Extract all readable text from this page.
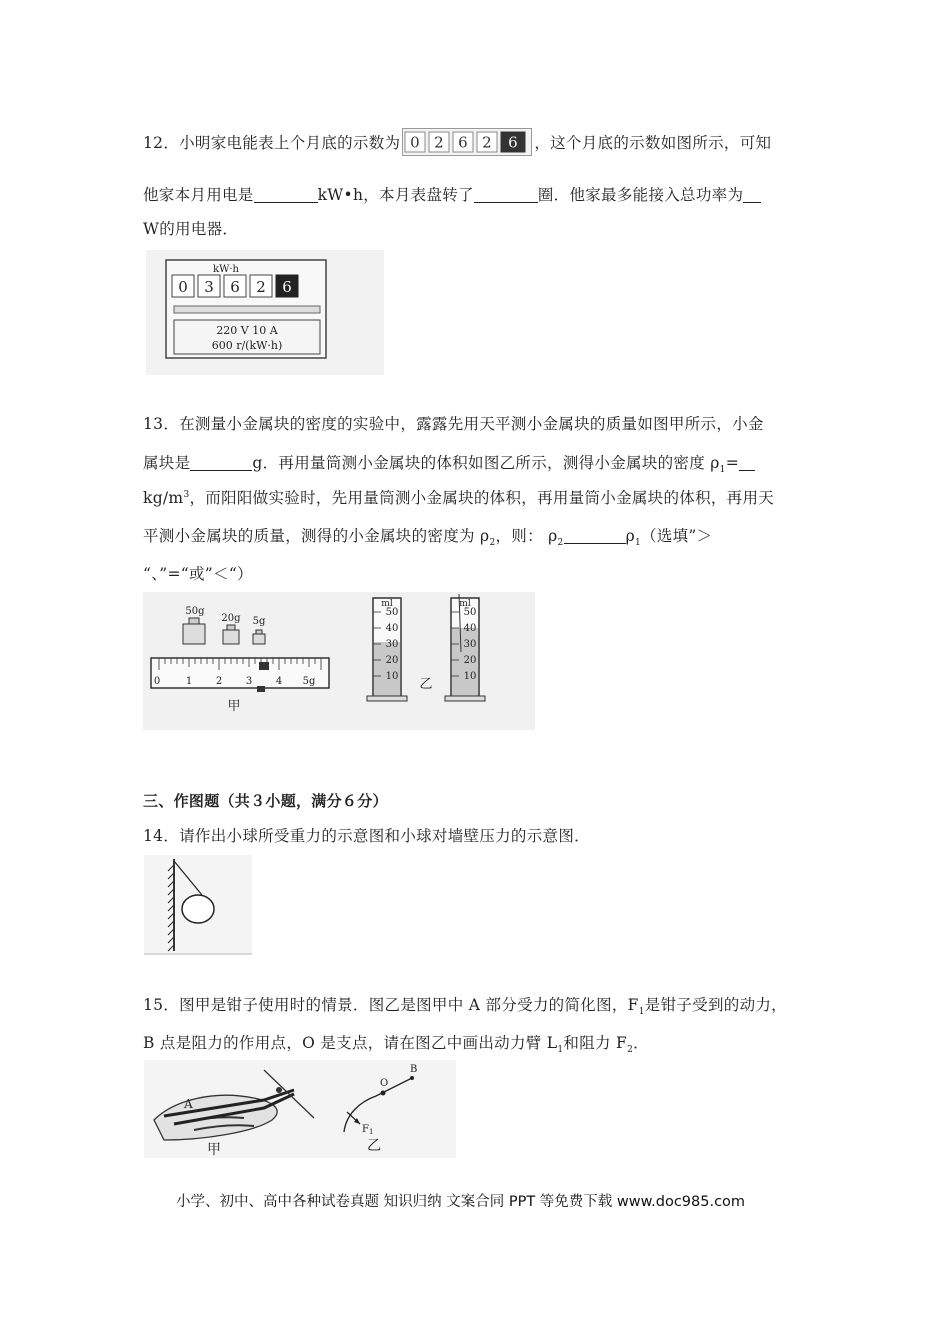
12．小明家电能表上个月底的示数为 0 2 6 2 6 ，这个月底的示数如图所示，可知
他家本月用电是	kW•h，本月表盘转了	圈．他家最多能接入总功率为
W的用电器．
kW·h
0 3 6 2 6
220 V 10 A
600 r/(kW·h)
13．在测量小金属块的密度的实验中，露露先用天平测小金属块的质量如图甲所示，小金
属块是	g．再用量筒测小金属块的体积如图乙所示，测得小金属块的密度 $\rho_1=$
$kg/m^3$，而阳阳做实验时，先用量筒测小金属块的体积，再用量筒小金属块的体积，再用天
平测小金属块的质量，测得的小金属块的密度为 $\rho_2$，则： $\rho_2$	$\rho_1$（选填”＞
“、”=“或”＜“）
50g
20g 5g
0	1 2 3 4 5g
甲
ml
50
40
30
20
10
ml
50
40
30
20
10
乙
三、作图题（共３小题，满分６分）
14．请作出小球所受重力的示意图和小球对墙壁压力的示意图．
15．图甲是钳子使用时的情景．图乙是图甲中 A 部分受力的简化图，$F_1$是钳子受到的动力，
B 点是阻力的作用点，O 是支点，请在图乙中画出动力臂 $L_1$和阻力 $F_2$．
A
甲
O
B
$F_1$
乙
小学、初中、高中各种试卷真题 知识归纳 文案合同 PPT 等免费下载 www.doc985.com
